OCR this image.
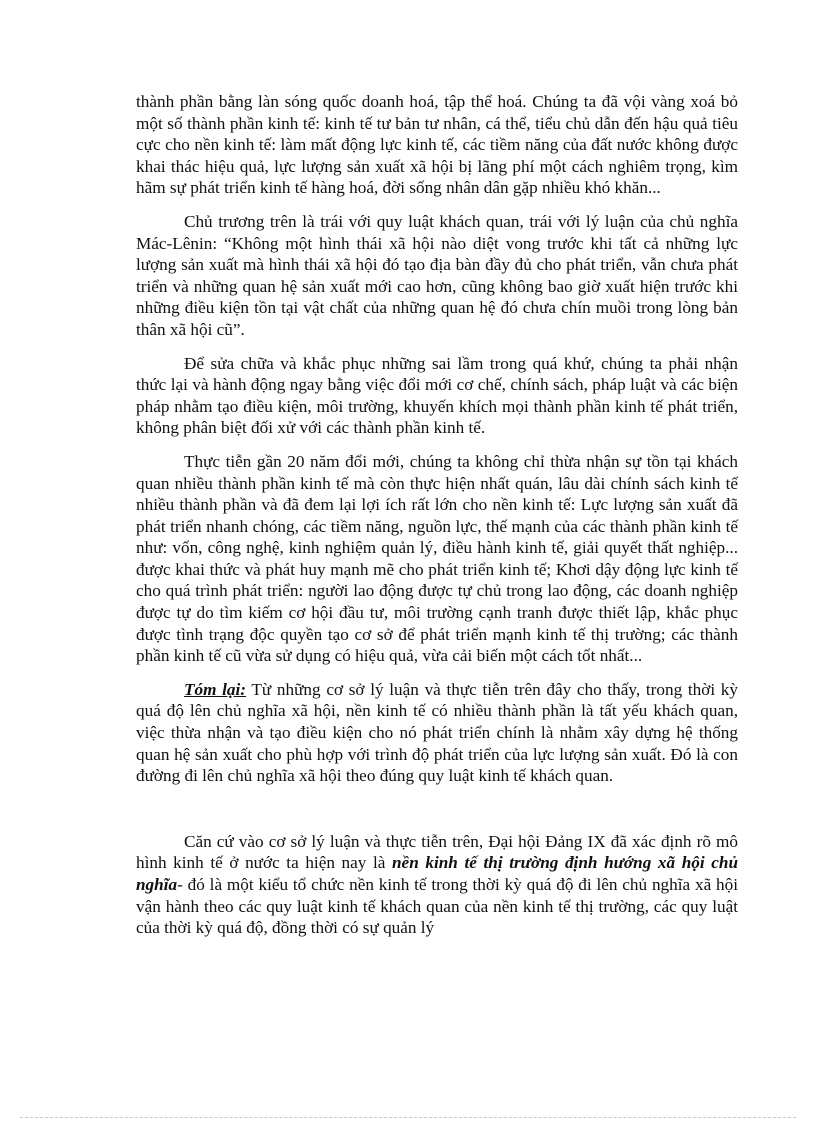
thành phần bằng làn sóng quốc doanh hoá, tập thể hoá. Chúng ta đã vội vàng xoá bỏ một số thành phần kinh tế: kinh tế tư bản tư nhân, cá thể, tiểu chủ dẫn đến hậu quả tiêu cực cho nền kinh tế: làm mất động lực kinh tế, các tiềm năng của đất nước không được khai thác hiệu quả, lực lượng sản xuất xã hội bị lãng phí một cách nghiêm trọng, kìm hãm sự phát triển kinh tế hàng hoá, đời sống nhân dân gặp nhiều khó khăn...

Chủ trương trên là trái với quy luật khách quan, trái với lý luận của chủ nghĩa Mác-Lênin: “Không một hình thái xã hội nào diệt vong trước khi tất cả những lực lượng sản xuất mà hình thái xã hội đó tạo địa bàn đầy đủ cho phát triển, vẫn chưa phát triển và những quan hệ sản xuất mới cao hơn, cũng không bao giờ xuất hiện trước khi những điều kiện tồn tại vật chất của những quan hệ đó chưa chín muồi trong lòng bản thân xã hội cũ”.

Để sửa chữa và khắc phục những sai lầm trong quá khứ, chúng ta phải nhận thức lại và hành động ngay bằng việc đổi mới cơ chế, chính sách, pháp luật và các biện pháp nhằm tạo điều kiện, môi trường, khuyến khích mọi thành phần kinh tế phát triển, không phân biệt đối xử với các thành phần kinh tế.

Thực tiễn gần 20 năm đổi mới, chúng ta không chỉ thừa nhận sự tồn tại khách quan nhiều thành phần kinh tế mà còn thực hiện nhất quán, lâu dài chính sách kinh tế nhiều thành phần và đã đem lại lợi ích rất lớn cho nền kinh tế: Lực lượng sản xuất đã phát triển nhanh chóng, các tiềm năng, nguồn lực, thế mạnh của các thành phần kinh tế như: vốn, công nghệ, kinh nghiệm quản lý, điều hành kinh tế, giải quyết thất nghiệp... được khai thức và phát huy mạnh mẽ cho phát triển kinh tế; Khơi dậy động lực kinh tế cho quá trình phát triển: người lao động được tự chủ trong lao động, các doanh nghiệp được tự do tìm kiếm cơ hội đầu tư, môi trường cạnh tranh được thiết lập, khắc phục được tình trạng độc quyền tạo cơ sở để phát triển mạnh kinh tế thị trường; các thành phần kinh tế cũ vừa sử dụng có hiệu quả, vừa cải biến một cách tốt nhất...

Tóm lại: Từ những cơ sở lý luận và thực tiễn trên đây cho thấy, trong thời kỳ quá độ lên chủ nghĩa xã hội, nền kinh tế có nhiều thành phần là tất yếu khách quan, việc thừa nhận và tạo điều kiện cho nó phát triển chính là nhằm xây dựng hệ thống quan hệ sản xuất cho phù hợp với trình độ phát triển của lực lượng sản xuất. Đó là con đường đi lên chủ nghĩa xã hội theo đúng quy luật kinh tế khách quan.

Căn cứ vào cơ sở lý luận và thực tiễn trên, Đại hội Đảng IX đã xác định rõ mô hình kinh tế ở nước ta hiện nay là nền kinh tế thị trường định hướng xã hội chủ nghĩa- đó là một kiểu tổ chức nền kinh tế trong thời kỳ quá độ đi lên chủ nghĩa xã hội vận hành theo các quy luật kinh tế khách quan của nền kinh tế thị trường, các quy luật của thời kỳ quá độ, đồng thời có sự quản lý
